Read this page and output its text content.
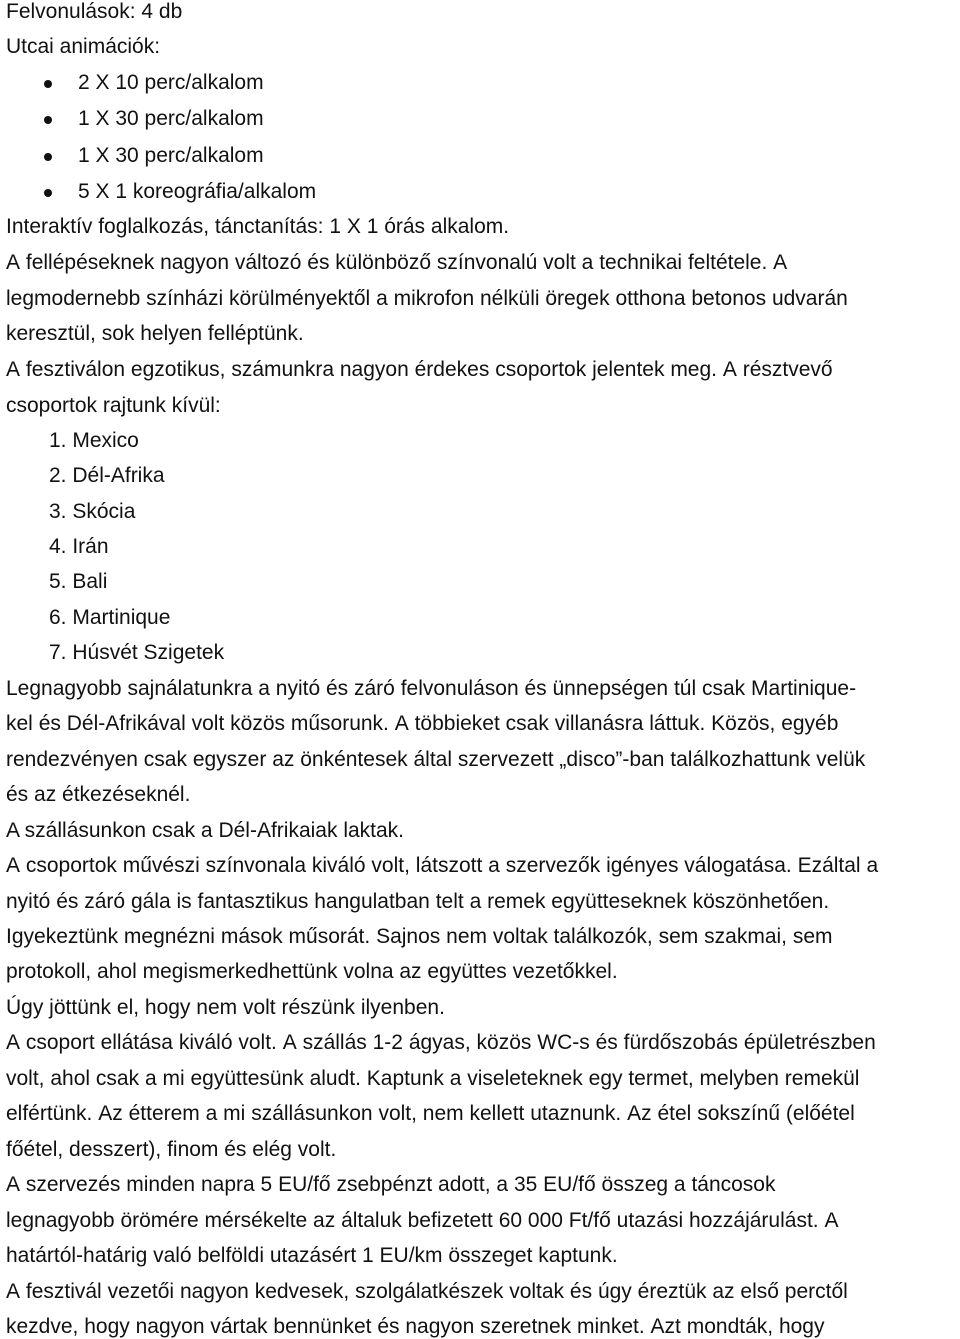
Felvonulások: 4 db
Utcai animációk:
2 X 10 perc/alkalom
1 X 30 perc/alkalom
1 X 30 perc/alkalom
5 X 1 koreográfia/alkalom
Interaktív foglalkozás, tánctanítás: 1 X 1 órás alkalom.
A fellépéseknek nagyon változó és különböző színvonalú volt a technikai feltétele. A
legmodernebb színházi körülményektől a mikrofon nélküli öregek otthona betonos udvarán
keresztül, sok helyen felléptünk.
A fesztiválon egzotikus, számunkra nagyon érdekes csoportok jelentek meg. A résztvevő
csoportok rajtunk kívül:
1. Mexico
2. Dél-Afrika
3. Skócia
4. Irán
5. Bali
6. Martinique
7. Húsvét Szigetek
Legnagyobb sajnálatunkra a nyitó és záró felvonuláson és ünnepségen túl csak Martinique-
kel és Dél-Afrikával volt közös műsorunk. A többieket csak villanásra láttuk. Közös, egyéb
rendezvényen csak egyszer az önkéntesek által szervezett „disco”-ban találkozhattunk velük
és az étkezéseknél.
A szállásunkon csak a Dél-Afrikaiak laktak.
A csoportok művészi színvonala kiváló volt, látszott a szervezők igényes válogatása. Ezáltal a
nyitó és záró gála is fantasztikus hangulatban telt a remek együtteseknek köszönhetően.
Igyekeztünk megnézni mások műsorát. Sajnos nem voltak találkozók, sem szakmai, sem
protokoll, ahol megismerkedhettünk volna az együttes vezetőkkel.
Úgy jöttünk el, hogy nem volt részünk ilyenben.
A csoport ellátása kiváló volt. A szállás 1-2 ágyas, közös WC-s és fürdőszobás épületrészben
volt, ahol csak a mi együttesünk aludt. Kaptunk a viseleteknek egy termet, melyben remekül
elfértünk. Az étterem a mi szállásunkon volt, nem kellett utaznunk. Az étel sokszínű (előétel
főétel, desszert), finom és elég volt.
A szervezés minden napra 5 EU/fő zsebpénzt adott, a 35 EU/fő összeg a táncosok
legnagyobb örömére mérsékelte az általuk befizetett 60 000 Ft/fő utazási hozzájárulást. A
határtól-határig való belföldi utazásért 1 EU/km összeget kaptunk.
A fesztivál vezetői nagyon kedvesek, szolgálatkészek voltak és úgy éreztük az első perctől
kezdve, hogy nagyon vártak bennünket és nagyon szeretnek minket. Azt mondták, hogy
